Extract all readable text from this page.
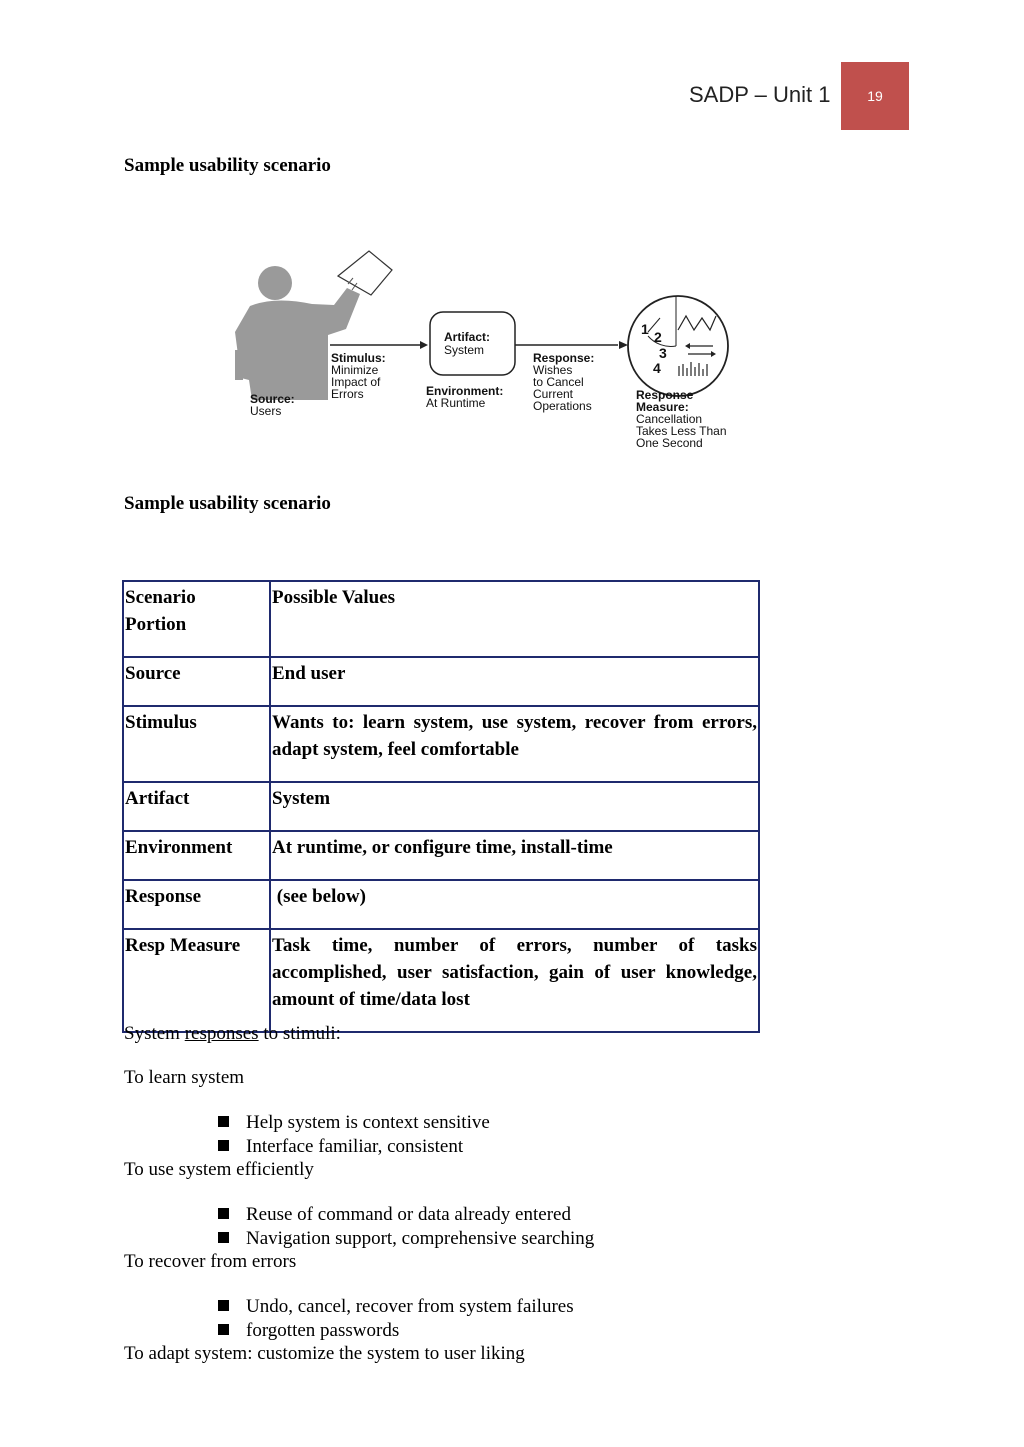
SADP – Unit 1	19
Sample usability scenario
Artifact:
System
1 2
3
4
Stimulus:
Minimize
Impact of
Errors
Source:
Users
Environment:
At Runtime
Response:
Wishes
to Cancel
Current
Operations
Response
Measure:
Cancellation
Takes Less Than
One Second
Sample usability scenario
Scenario
Portion	Possible Values
Source	End user
Stimulus	Wants to: learn system, use system, recover from errors, adapt system, feel comfortable
Artifact	System
Environment	At runtime, or configure time, install-time
Response	(see below)
Resp Measure	Task time, number of errors, number of tasks accomplished, user satisfaction, gain of user knowledge, amount of time/data lost
System responses to stimuli:
To learn system
Help system is context sensitive
Interface familiar, consistent
To use system efficiently
Reuse of command or data already entered
Navigation support, comprehensive searching
To recover from errors
Undo, cancel, recover from system failures
forgotten passwords
To adapt system: customize the system to user liking
